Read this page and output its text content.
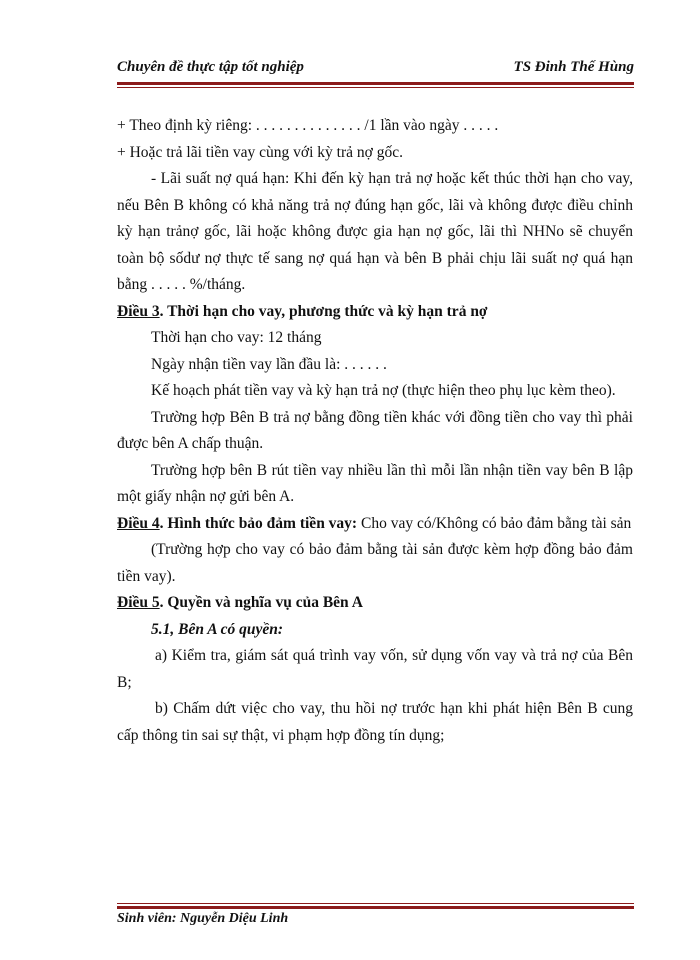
Chuyên đề thực tập tốt nghiệp	TS Đinh Thế Hùng

+ Theo định kỳ riêng: . . . . . . . . . . . . . . /1 lần vào ngày . . . . .

+ Hoặc trả lãi tiền vay cùng với kỳ trả nợ gốc.

- Lãi suất nợ quá hạn: Khi đến kỳ hạn trả nợ hoặc kết thúc thời hạn cho vay, nếu Bên B không có khả năng trả nợ đúng hạn gốc, lãi và không được điều chỉnh kỳ hạn trảnợ gốc, lãi hoặc không được gia hạn nợ gốc, lãi thì NHNo sẽ chuyển toàn bộ sốdư nợ thực tế sang nợ quá hạn và bên B phải chịu lãi suất nợ quá hạn bằng . . . . . %/tháng.

Điều 3. Thời hạn cho vay, phương thức và kỳ hạn trả nợ

Thời hạn cho vay: 12 tháng

Ngày nhận tiền vay lần đầu là: . . . . . .

Kế hoạch phát tiền vay và kỳ hạn trả nợ (thực hiện theo phụ lục kèm theo).

Trường hợp Bên B trả nợ bằng đồng tiền khác với đồng tiền cho vay thì phải được bên A chấp thuận.

Trường hợp bên B rút tiền vay nhiều lần thì mỗi lần nhận tiền vay bên B lập một giấy nhận nợ gửi bên A.

Điều 4. Hình thức bảo đảm tiền vay: Cho vay có/Không có bảo đảm bằng tài sản

(Trường hợp cho vay có bảo đảm bằng tài sản được kèm hợp đồng bảo đảm tiền vay).

Điều 5. Quyền và nghĩa vụ của Bên A

5.1, Bên A có quyền:

a) Kiểm tra, giám sát quá trình vay vốn, sử dụng vốn vay và trả nợ của Bên B;

b) Chấm dứt việc cho vay, thu hồi nợ trước hạn khi phát hiện Bên B cung cấp thông tin sai sự thật, vi phạm hợp đồng tín dụng;

Sinh viên: Nguyễn Diệu Linh
